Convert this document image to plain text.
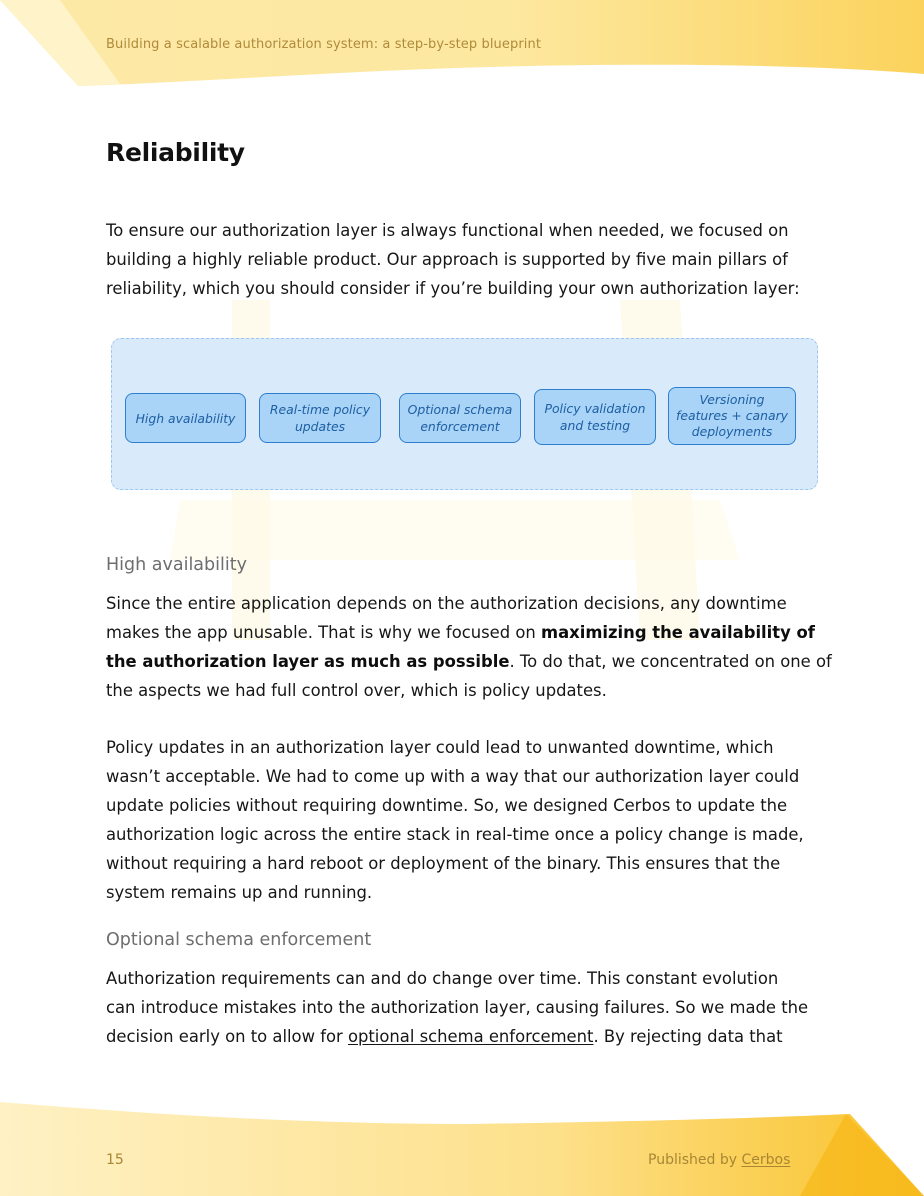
Building a scalable authorization system: a step-by-step blueprint
Reliability
To ensure our authorization layer is always functional when needed, we focused on
building a highly reliable product. Our approach is supported by five main pillars of
reliability, which you should consider if you’re building your own authorization layer:
High availability
Real-time policy
updates
Optional schema
enforcement
Policy validation
and testing
Versioning
features + canary
deployments
High availability
Since the entire application depends on the authorization decisions, any downtime
makes the app unusable. That is why we focused on maximizing the availability of
the authorization layer as much as possible. To do that, we concentrated on one of
the aspects we had full control over, which is policy updates.
Policy updates in an authorization layer could lead to unwanted downtime, which
wasn’t acceptable. We had to come up with a way that our authorization layer could
update policies without requiring downtime. So, we designed Cerbos to update the
authorization logic across the entire stack in real-time once a policy change is made,
without requiring a hard reboot or deployment of the binary. This ensures that the
system remains up and running.
Optional schema enforcement
Authorization requirements can and do change over time. This constant evolution
can introduce mistakes into the authorization layer, causing failures. So we made the
decision early on to allow for optional schema enforcement. By rejecting data that
15	Published by Cerbos
